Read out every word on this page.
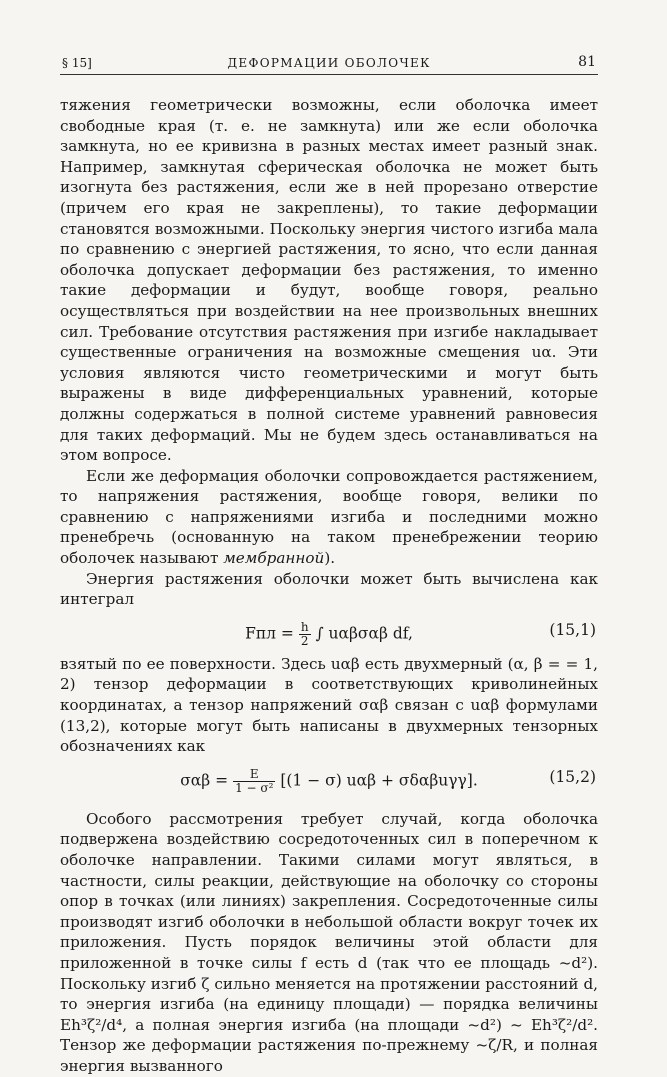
§ 15]	ДЕФОРМАЦИИ ОБОЛОЧЕК	81

тяжения геометрически возможны, если оболочка имеет свободные края (т. е. не замкнута) или же если оболочка замкнута, но ее кривизна в разных местах имеет разный знак. Например, замкнутая сферическая оболочка не может быть изогнута без растяжения, если же в ней прорезано отверстие (причем его края не закреплены), то такие деформации становятся возможными. Поскольку энергия чистого изгиба мала по сравнению с энергией растяжения, то ясно, что если данная оболочка допускает деформации без растяжения, то именно такие деформации и будут, вообще говоря, реально осуществляться при воздействии на нее произвольных внешних сил. Требование отсутствия растяжения при изгибе накладывает существенные ограничения на возможные смещения uα. Эти условия являются чисто геометрическими и могут быть выражены в виде дифференциальных уравнений, которые должны содержаться в полной системе уравнений равновесия для таких деформаций. Мы не будем здесь останавливаться на этом вопросе.

Если же деформация оболочки сопровождается растяжением, то напряжения растяжения, вообще говоря, велики по сравнению с напряжениями изгиба и последними можно пренебречь (основанную на таком пренебрежении теорию оболочек называют мембранной).

Энергия растяжения оболочки может быть вычислена как интеграл

Fпл = $\frac{h}{2}$ ∫ uαβσαβ df,	(15,1)

взятый по ее поверхности. Здесь uαβ есть двухмерный (α, β = = 1, 2) тензор деформации в соответствующих криволинейных координатах, а тензор напряжений σαβ связан с uαβ формулами (13,2), которые могут быть написаны в двухмерных тензорных обозначениях как

$\sigma\alpha\beta = \frac{E}{\text{1 − σ²}} [(1 - \sigma) u\alpha\beta + \sigma\delta\alpha\beta u\gamma\gamma]$.	(15,2)

Особого рассмотрения требует случай, когда оболочка подвержена воздействию сосредоточенных сил в поперечном к оболочке направлении. Такими силами могут являться, в частности, силы реакции, действующие на оболочку со стороны опор в точках (или линиях) закрепления. Сосредоточенные силы производят изгиб оболочки в небольшой области вокруг точек их приложения. Пусть порядок величины этой области для приложенной в точке силы f есть d (так что ее площадь ~d²). Поскольку изгиб ζ сильно меняется на протяжении расстояний d, то энергия изгиба (на единицу площади) — порядка величины Eh³ζ²/d⁴, а полная энергия изгиба (на площади ~d²) ~ Eh³ζ²/d². Тензор же деформации растяжения по-прежнему ~ζ/R, и полная энергия вызванного
